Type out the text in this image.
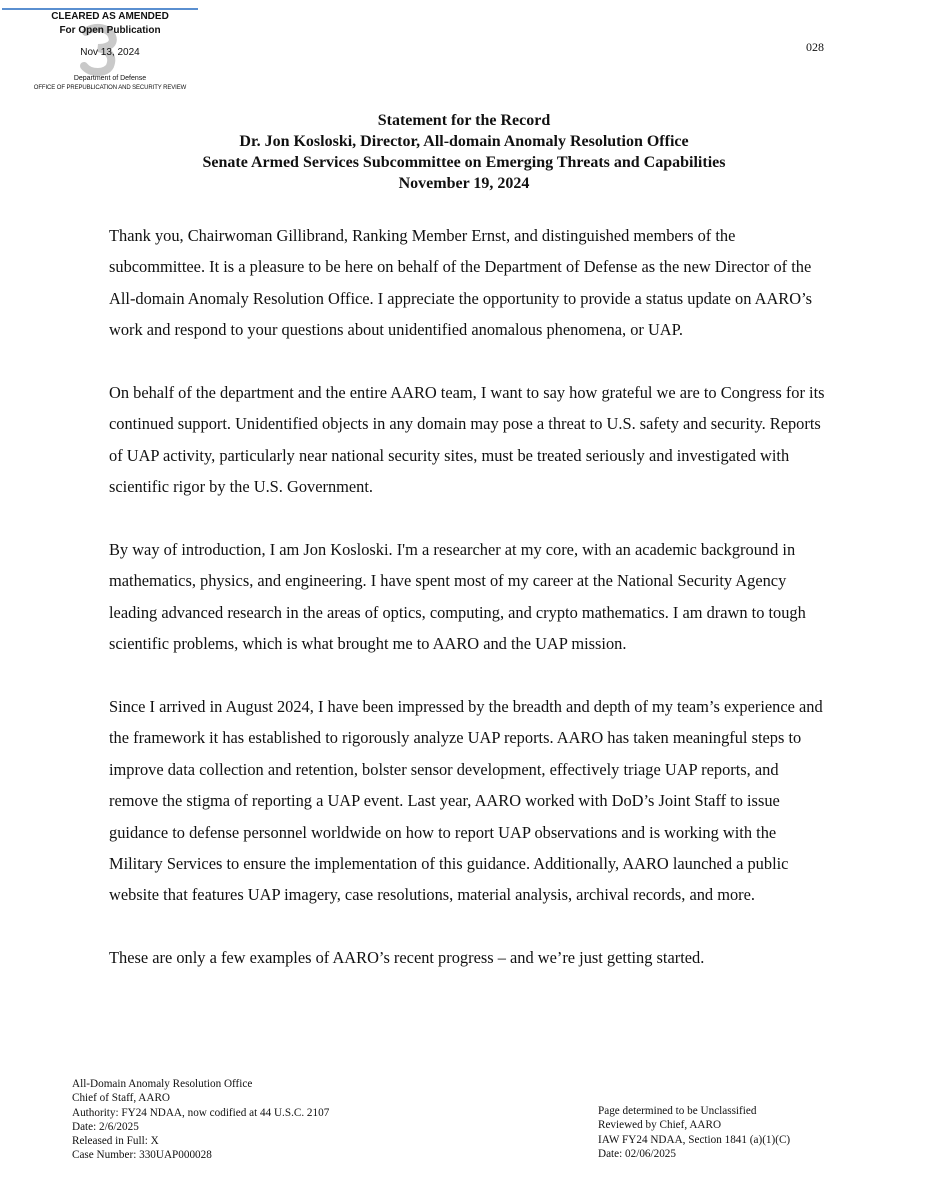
CLEARED AS AMENDED
For Open Publication
Nov 13, 2024
Department of Defense
OFFICE OF PREPUBLICATION AND SECURITY REVIEW
028
Statement for the Record
Dr. Jon Kosloski, Director, All-domain Anomaly Resolution Office
Senate Armed Services Subcommittee on Emerging Threats and Capabilities
November 19, 2024

Thank you, Chairwoman Gillibrand, Ranking Member Ernst, and distinguished members of the subcommittee. It is a pleasure to be here on behalf of the Department of Defense as the new Director of the All-domain Anomaly Resolution Office. I appreciate the opportunity to provide a status update on AARO’s work and respond to your questions about unidentified anomalous phenomena, or UAP.

On behalf of the department and the entire AARO team, I want to say how grateful we are to Congress for its continued support. Unidentified objects in any domain may pose a threat to U.S. safety and security. Reports of UAP activity, particularly near national security sites, must be treated seriously and investigated with scientific rigor by the U.S. Government.

By way of introduction, I am Jon Kosloski. I'm a researcher at my core, with an academic background in mathematics, physics, and engineering. I have spent most of my career at the National Security Agency leading advanced research in the areas of optics, computing, and crypto mathematics. I am drawn to tough scientific problems, which is what brought me to AARO and the UAP mission.

Since I arrived in August 2024, I have been impressed by the breadth and depth of my team’s experience and the framework it has established to rigorously analyze UAP reports. AARO has taken meaningful steps to improve data collection and retention, bolster sensor development, effectively triage UAP reports, and remove the stigma of reporting a UAP event. Last year, AARO worked with DoD’s Joint Staff to issue guidance to defense personnel worldwide on how to report UAP observations and is working with the Military Services to ensure the implementation of this guidance. Additionally, AARO launched a public website that features UAP imagery, case resolutions, material analysis, archival records, and more.

These are only a few examples of AARO’s recent progress – and we’re just getting started.

All-Domain Anomaly Resolution Office
Chief of Staff, AARO
Authority: FY24 NDAA, now codified at 44 U.S.C. 2107
Date: 2/6/2025
Released in Full: X
Case Number: 330UAP000028
Page determined to be Unclassified
Reviewed by Chief, AARO
IAW FY24 NDAA, Section 1841 (a)(1)(C)
Date: 02/06/2025
